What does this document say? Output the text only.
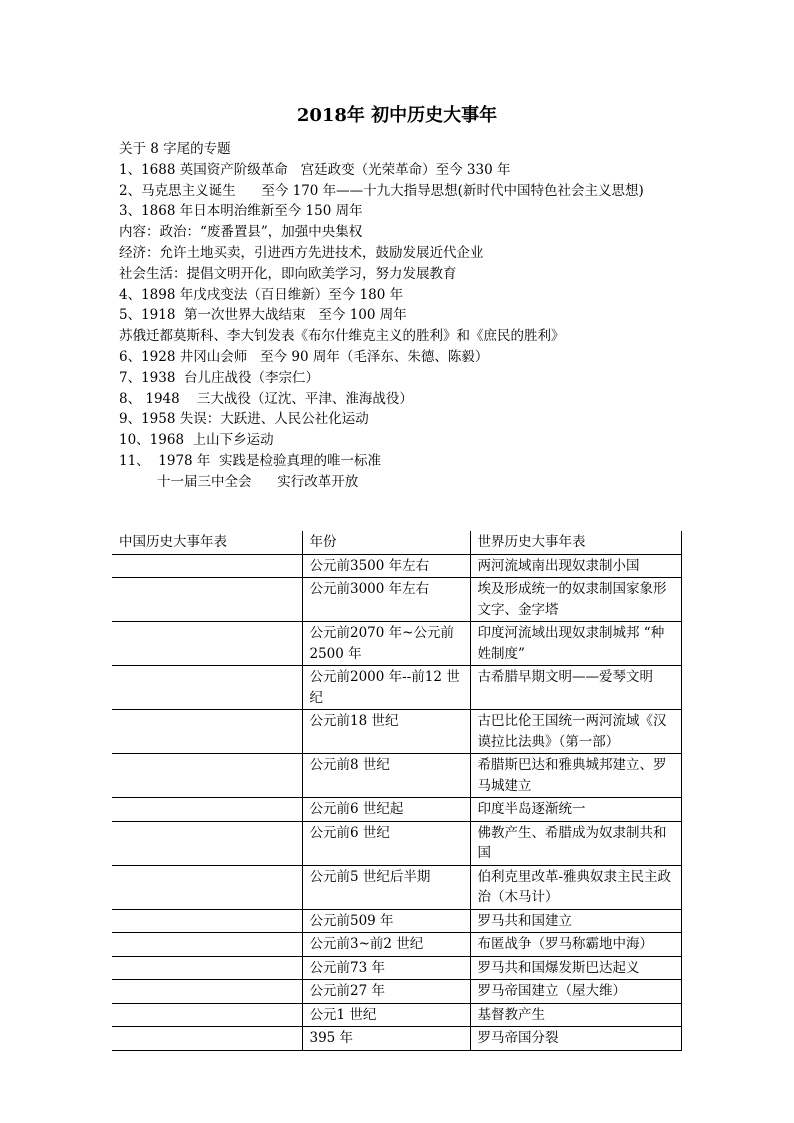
2018年 初中历史大事年
关于 8 字尾的专题
1、1688 英国资产阶级革命   宫廷政变（光荣革命）至今 330 年
2、马克思主义诞生      至今 170 年——十九大指导思想(新时代中国特色社会主义思想)
3、1868 年日本明治维新至今 150 周年
内容：政治：“废番置县”，加强中央集权
经济：允许土地买卖，引进西方先进技术，鼓励发展近代企业
社会生活：提倡文明开化，即向欧美学习，努力发展教育
4、1898 年戊戌变法（百日维新）至今 180 年
5、1918  第一次世界大战结束   至今 100 周年
苏俄迁都莫斯科、李大钊发表《布尔什维克主义的胜利》和《庶民的胜利》
6、1928 井冈山会师   至今 90 周年（毛泽东、朱德、陈毅）
7、1938  台儿庄战役（李宗仁）
8、 1948    三大战役（辽沈、平津、淮海战役）
9、1958 失误：大跃进、人民公社化运动
10、1968  上山下乡运动
11、  1978 年  实践是检验真理的唯一标准
十一届三中全会      实行改革开放
中国历史大事年表	年份	世界历史大事年表
	公元前3500 年左右	两河流域南出现奴隶制小国
	公元前3000 年左右	埃及形成统一的奴隶制国家象形文字、金字塔
	公元前2070 年~公元前 2500 年	印度河流域出现奴隶制城邦 “种姓制度”
	公元前2000 年--前12 世纪	古希腊早期文明——爱琴文明
	公元前18 世纪	古巴比伦王国统一两河流域《汉谟拉比法典》（第一部）
	公元前8 世纪	希腊斯巴达和雅典城邦建立、罗马城建立
	公元前6 世纪起	印度半岛逐渐统一
	公元前6 世纪	佛教产生、希腊成为奴隶制共和国
	公元前5 世纪后半期	伯利克里改革-雅典奴隶主民主政治（木马计）
	公元前509 年	罗马共和国建立
	公元前3~前2 世纪	布匿战争（罗马称霸地中海）
	公元前73 年	罗马共和国爆发斯巴达起义
	公元前27 年	罗马帝国建立（屋大维）
	公元1 世纪	基督教产生
	395 年	罗马帝国分裂
